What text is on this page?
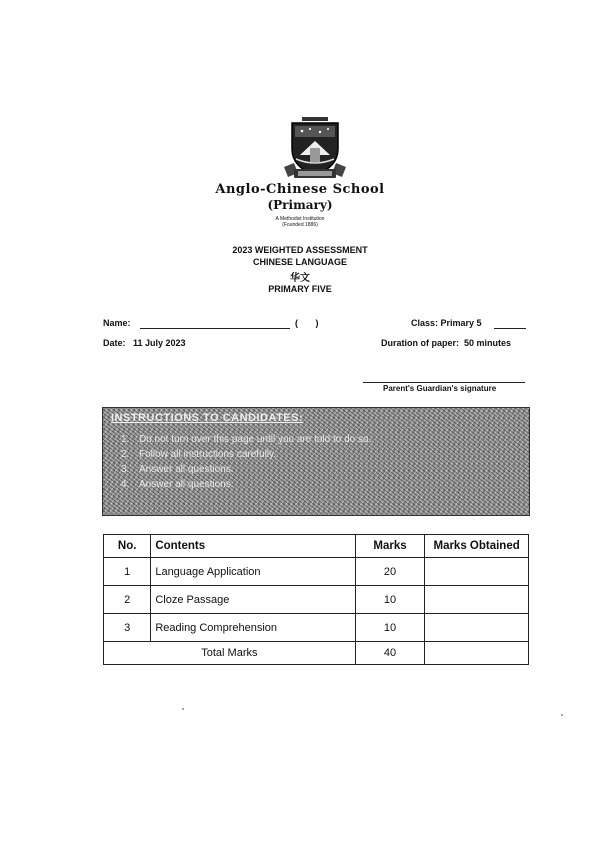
Anglo-Chinese School
(Primary)
A Methodist Institution
(Founded 1886)
2023 WEIGHTED ASSESSMENT
CHINESE LANGUAGE
华文
PRIMARY FIVE
Name:	(       )	Class: Primary 5
Date:   11 July 2023	Duration of paper:  50 minutes
Parent's Guardian's signature
INSTRUCTIONS TO CANDIDATES:
1. Do not turn over this page until you are told to do so.
2. Follow all instructions carefully.
3. Answer all questions.
4. Answer all questions.
No.	Contents	Marks	Marks Obtained
1	Language Application	20	
2	Cloze Passage	10	
3	Reading Comprehension	10	
Total Marks		40	
